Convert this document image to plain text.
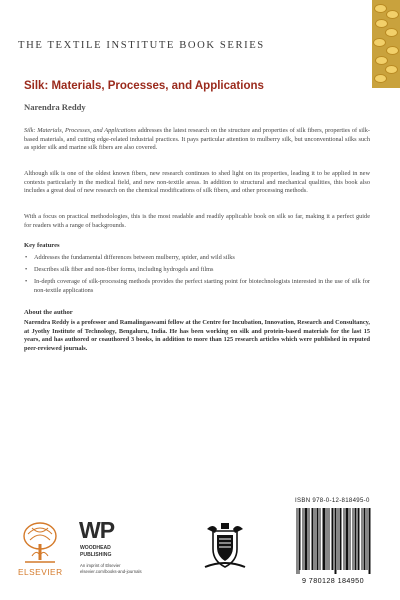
THE TEXTILE INSTITUTE BOOK SERIES
Silk: Materials, Processes, and Applications
Narendra Reddy
Silk: Materials, Processes, and Applications addresses the latest research on the structure and properties of silk fibers, properties of silk-based materials, and cutting edge-related industrial practices. It pays particular attention to mulberry silk, but unconventional silks such as spider silk and marine silk fibers are also covered.
Although silk is one of the oldest known fibers, new research continues to shed light on its properties, leading it to be applied in new contexts particularly in the medical field, and new non-textile areas. In addition to structural and mechanical qualities, this book also includes a great deal of new research on the chemical modifications of silk fibers, and other processing methods.
With a focus on practical methodologies, this is the most readable and readily applicable book on silk so far, making it a perfect guide for readers with a range of backgrounds.
Key features
• Addresses the fundamental differences between mulberry, spider, and wild silks
• Describes silk fiber and non-fiber forms, including hydrogels and films
• In-depth coverage of silk-processing methods provides the perfect starting point for biotechnologists interested in the use of silk for non-textile applications
About the author
Narendra Reddy is a professor and Ramalingaswami fellow at the Centre for Incubation, Innovation, Research and Consultancy, at Jyothy Institute of Technology, Bengaluru, India. He has been working on silk and protein-based materials for the last 15 years, and has authored or coauthored 3 books, in addition to more than 125 research articles which were published in reputed peer-reviewed journals.
ELSEVIER
WP
WOODHEAD
PUBLISHING
An imprint of Elsevier
elsevier.com/books-and-journals
ISBN 978-0-12-818495-0
9 780128 184950
